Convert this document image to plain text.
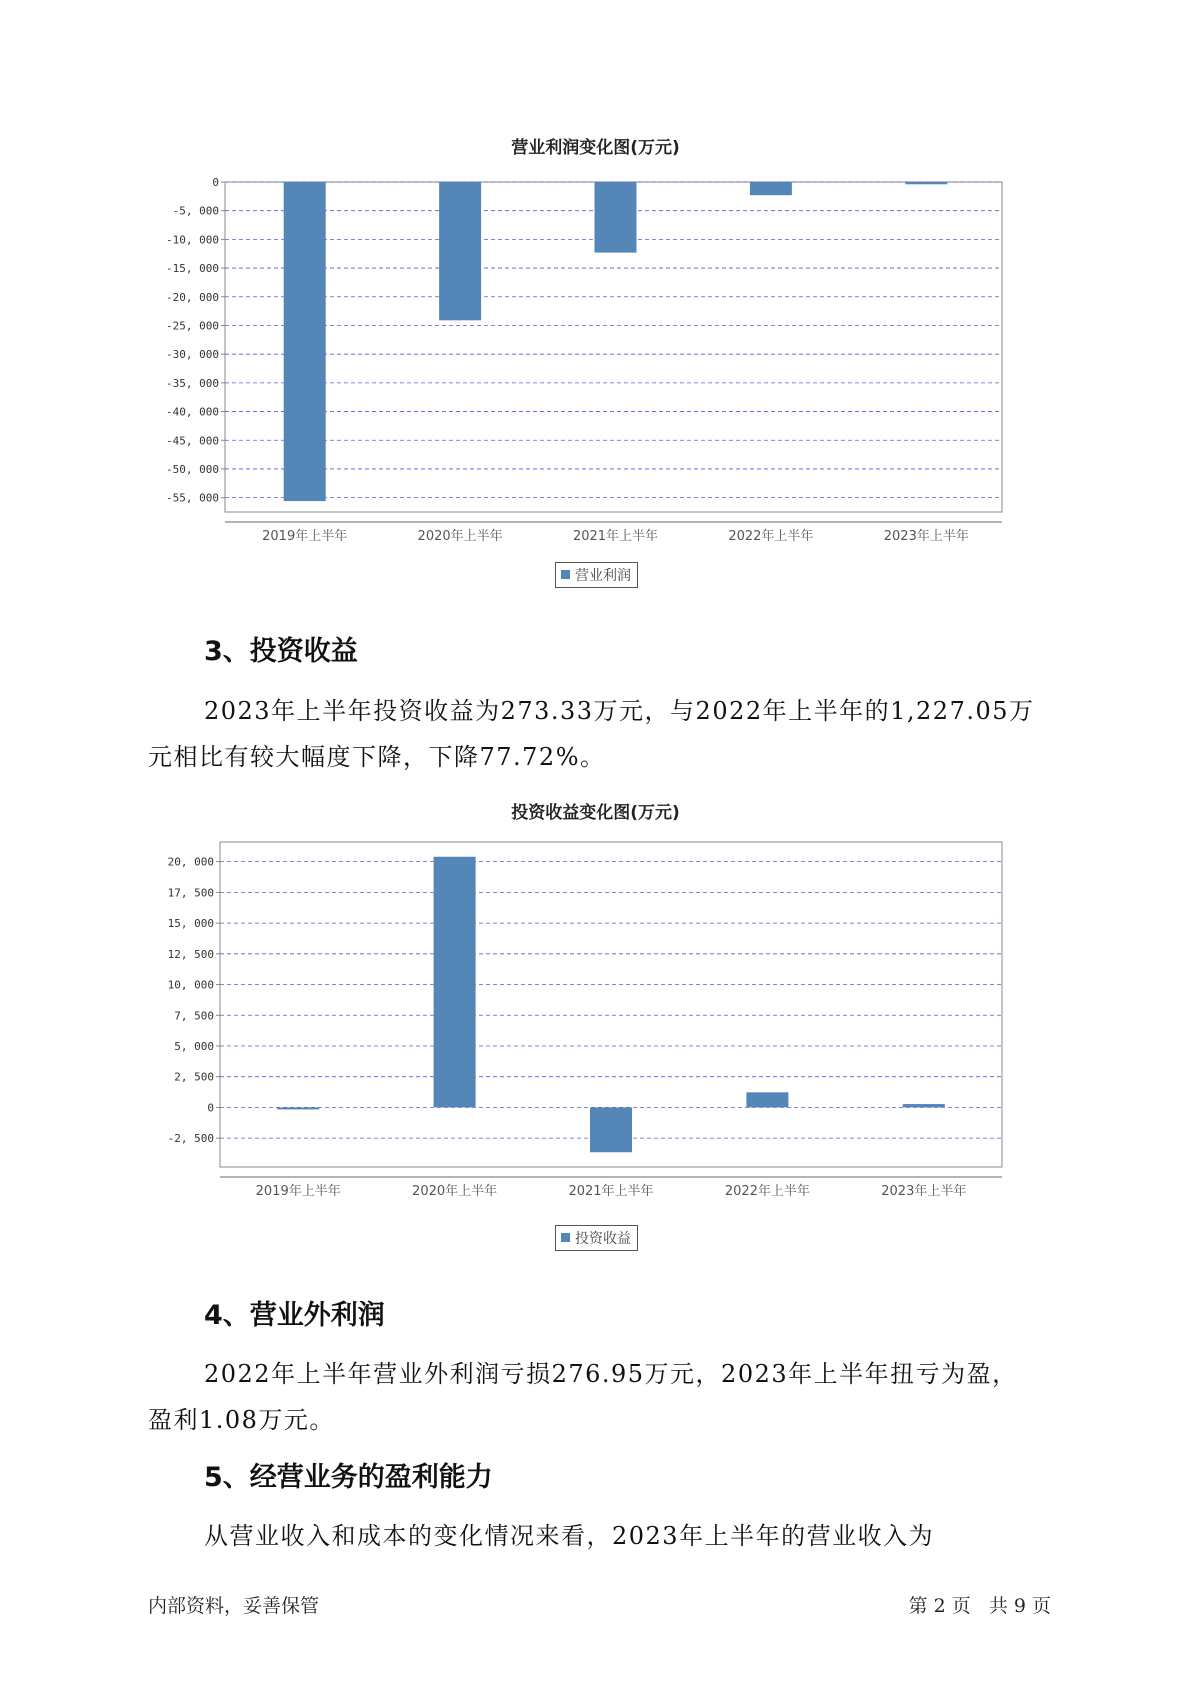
营业利润变化图(万元)
0
-5, 000
-10, 000
-15, 000
-20, 000
-25, 000
-30, 000
-35, 000
-40, 000
-45, 000
-50, 000
-55, 000
2019年上半年	2020年上半年	2021年上半年	2022年上半年	2023年上半年
营业利润
3、投资收益

2023年上半年投资收益为273.33万元，与2022年上半年的1,227.05万

元相比有较大幅度下降，下降77.72%。

投资收益变化图(万元)
20, 000
17, 500
15, 000
12, 500
10, 000
7, 500
5, 000
2, 500
0
-2, 500
2019年上半年	2020年上半年	2021年上半年	2022年上半年	2023年上半年
投资收益
4、营业外利润

2022年上半年营业外利润亏损276.95万元，2023年上半年扭亏为盈，

盈利1.08万元。

5、经营业务的盈利能力

从营业收入和成本的变化情况来看，2023年上半年的营业收入为

内部资料，妥善保管	第 2 页   共 9 页
